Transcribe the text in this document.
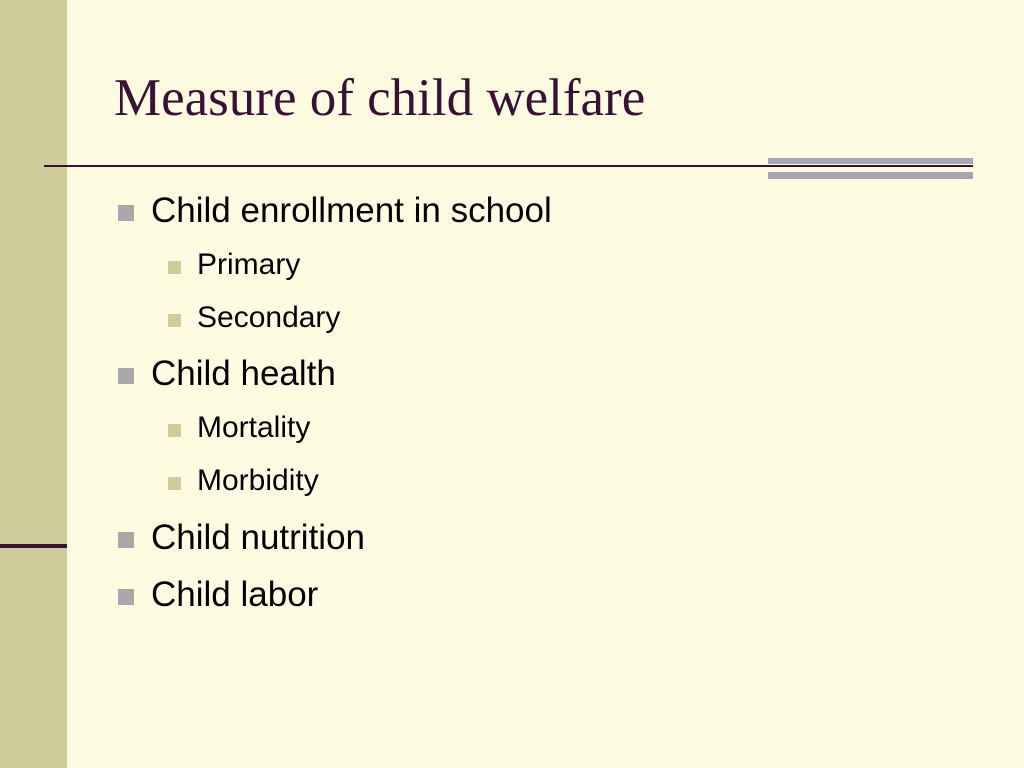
Measure of child welfare
Child enrollment in school
Primary
Secondary
Child health
Mortality
Morbidity
Child nutrition
Child labor
